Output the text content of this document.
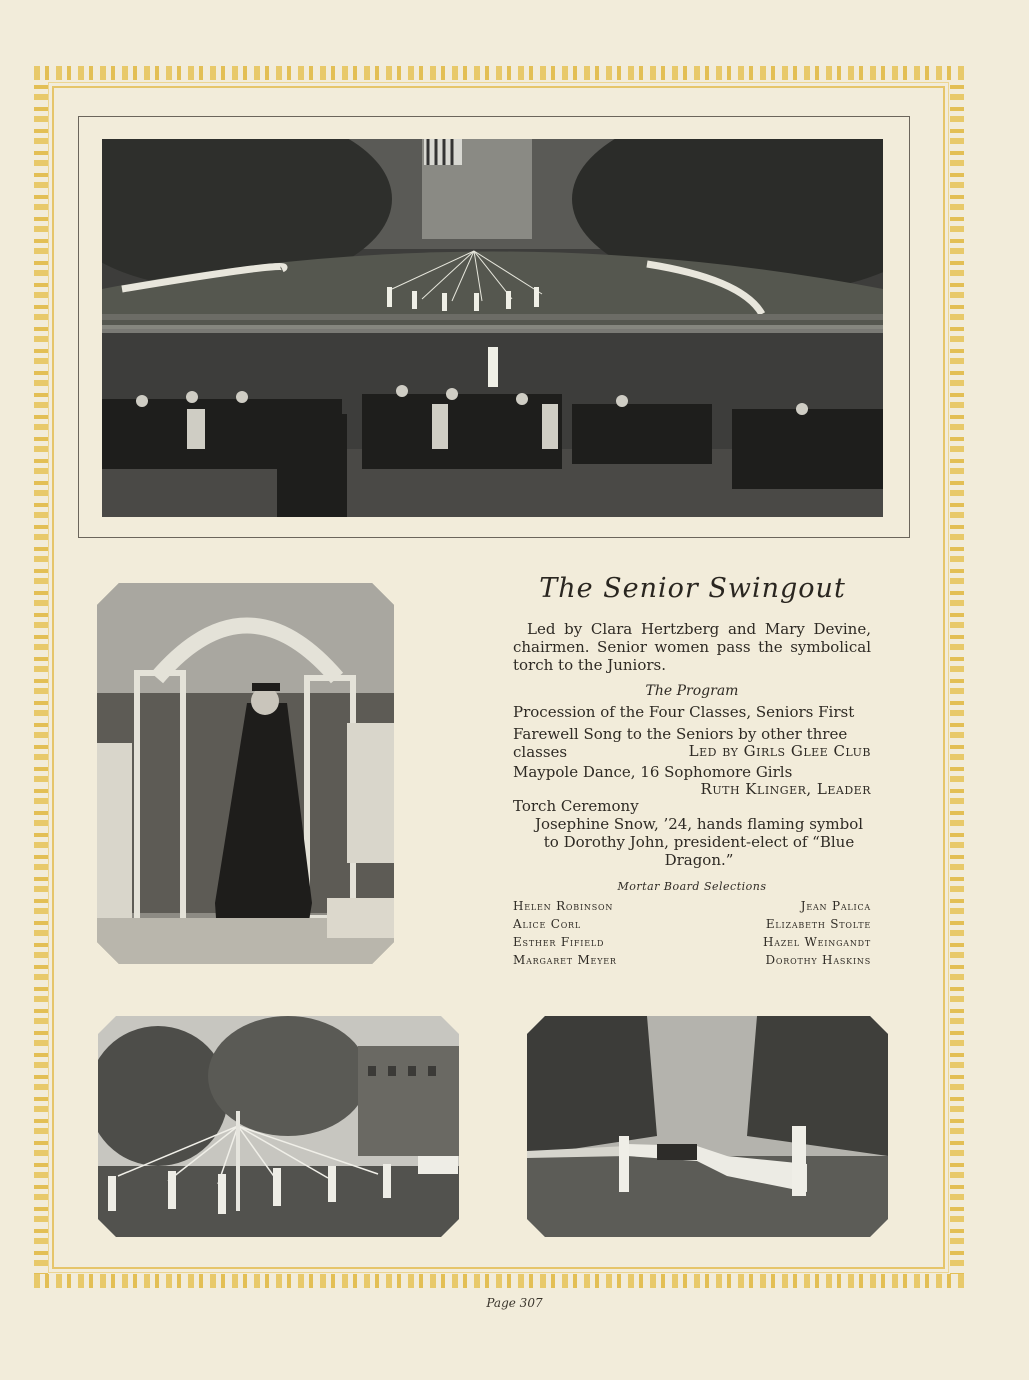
The Senior Swingout
Led by Clara Hertzberg and Mary Devine, chairmen. Senior women pass the symbolical torch to the Juniors.
The Program
Procession of the Four Classes, Seniors First
Farewell Song to the Seniors by other three classes	Led by Girls Glee Club
Maypole Dance, 16 Sophomore Girls
Ruth Klinger, Leader
Torch Ceremony
Josephine Snow, ’24, hands flaming symbol to Dorothy John, president-elect of “Blue Dragon.”
Mortar Board Selections
Helen Robinson
Alice Corl
Esther Fifield
Margaret Meyer
Jean Palica
Elizabeth Stolte
Hazel Weingandt
Dorothy Haskins
Page 307
